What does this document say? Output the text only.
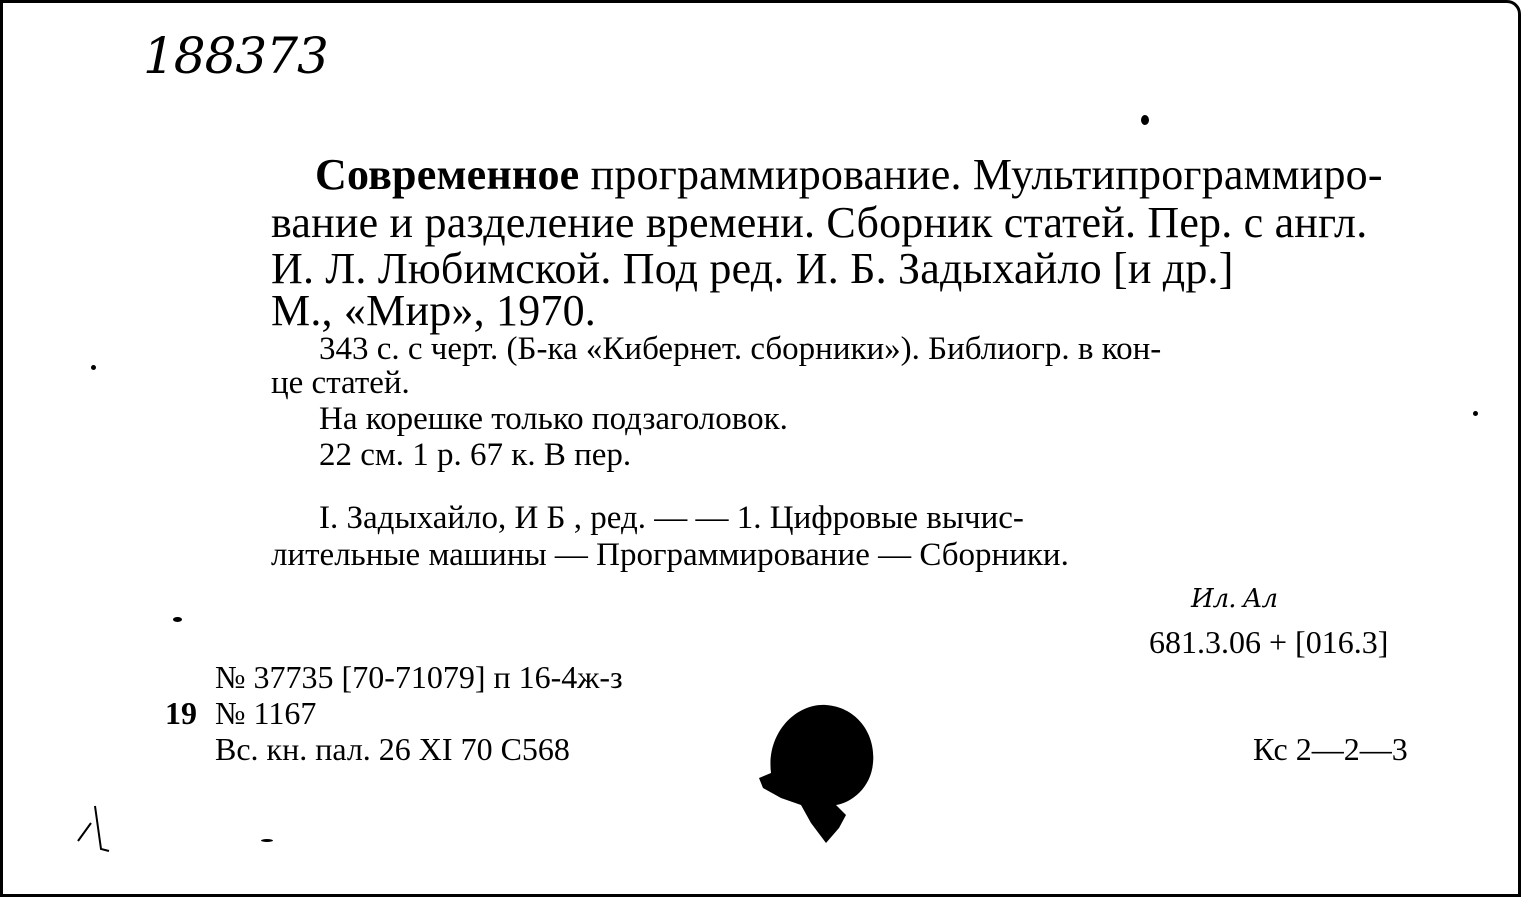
188373
Современное программирование. Мультипрограммиро-
вание и разделение времени. Сборник статей. Пер. с англ.
И. Л. Любимской. Под ред. И. Б. Задыхайло [и др.]
М., «Мир», 1970.
343 с. с черт. (Б-ка «Кибернет. сборники»). Библиогр. в кон-
це статей.
На корешке только подзаголовок.
22 см. 1 р. 67 к. В пер.
I. Задыхайло, И Б , ред. — — 1. Цифровые вычис-
лительные машины — Программирование — Сборники.
Ил. Ал
681.3.06 + [016.3]
№ 37735 [70-71079] п 16-4ж-з
19 № 1167
Вс. кн. пал. 26 XI 70 С568	Кс 2—2—3
